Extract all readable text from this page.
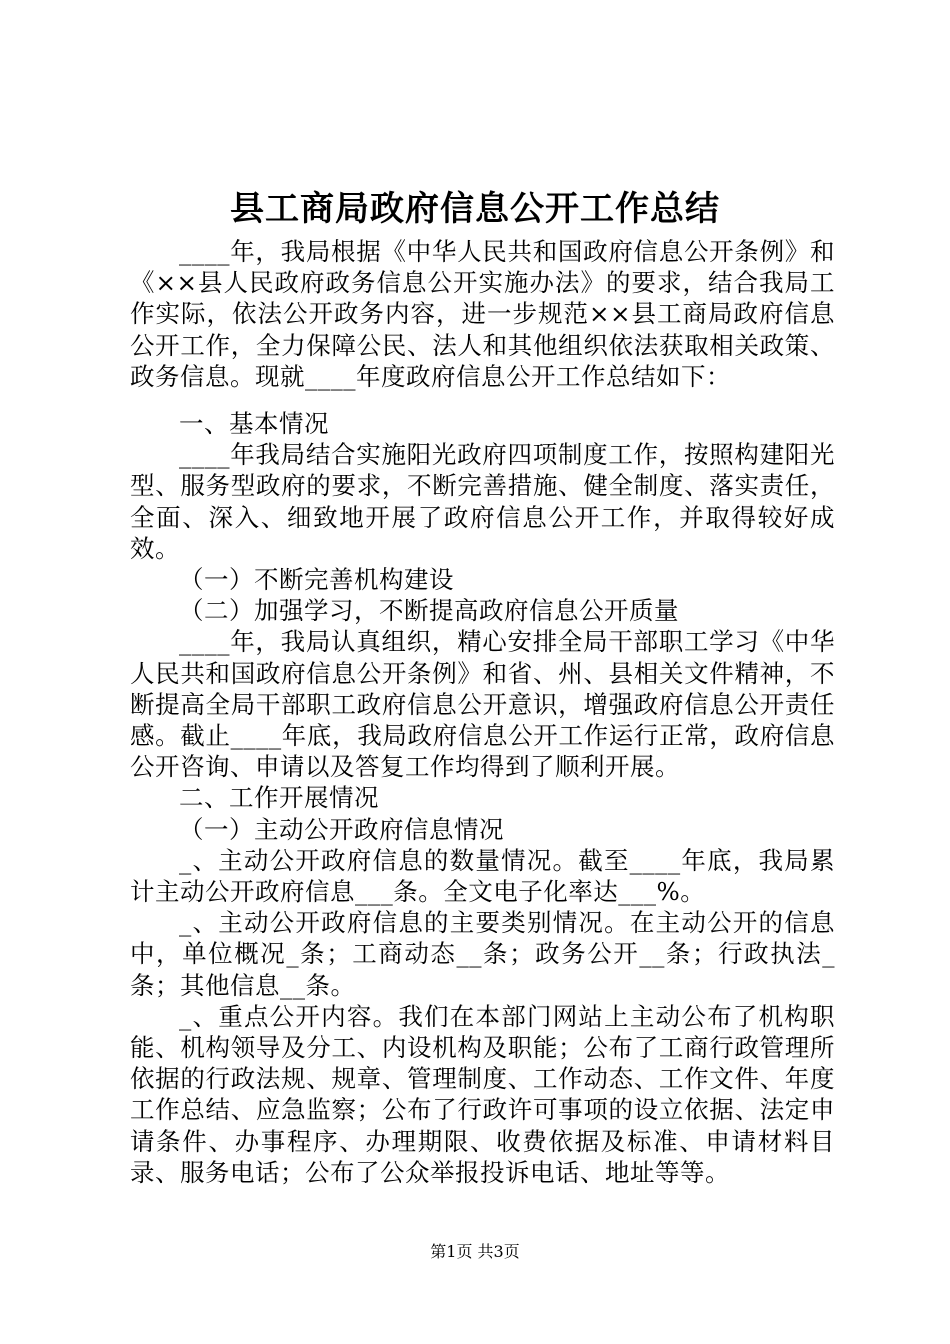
县工商局政府信息公开工作总结

____年，我局根据《中华人民共和国政府信息公开条例》和《××县人民政府政务信息公开实施办法》的要求，结合我局工作实际，依法公开政务内容，进一步规范××县工商局政府信息公开工作，全力保障公民、法人和其他组织依法获取相关政策、政务信息。现就____年度政府信息公开工作总结如下：

一、基本情况

____年我局结合实施阳光政府四项制度工作，按照构建阳光型、服务型政府的要求，不断完善措施、健全制度、落实责任，全面、深入、细致地开展了政府信息公开工作，并取得较好成效。

（一）不断完善机构建设

（二）加强学习，不断提高政府信息公开质量

____年，我局认真组织，精心安排全局干部职工学习《中华人民共和国政府信息公开条例》和省、州、县相关文件精神，不断提高全局干部职工政府信息公开意识，增强政府信息公开责任感。截止____年底，我局政府信息公开工作运行正常，政府信息公开咨询、申请以及答复工作均得到了顺利开展。

二、工作开展情况

（一）主动公开政府信息情况

_、主动公开政府信息的数量情况。截至____年底，我局累计主动公开政府信息___条。全文电子化率达___%。

_、主动公开政府信息的主要类别情况。在主动公开的信息中，单位概况_条；工商动态__条；政务公开__条；行政执法_条；其他信息__条。

_、重点公开内容。我们在本部门网站上主动公布了机构职能、机构领导及分工、内设机构及职能；公布了工商行政管理所依据的行政法规、规章、管理制度、工作动态、工作文件、年度工作总结、应急监察；公布了行政许可事项的设立依据、法定申请条件、办事程序、办理期限、收费依据及标准、申请材料目录、服务电话；公布了公众举报投诉电话、地址等等。

第1页 共3页
